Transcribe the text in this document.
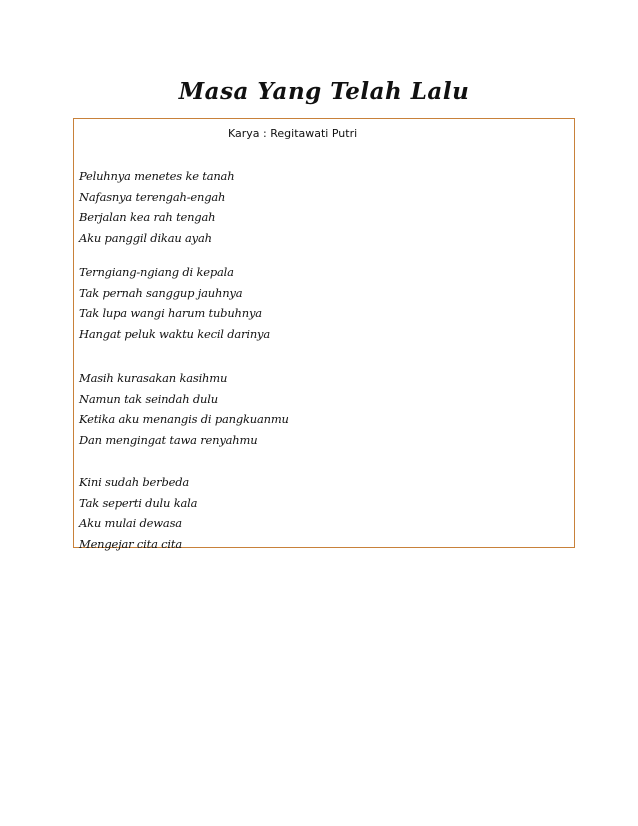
Masa Yang Telah Lalu

Karya : Regitawati Putri

Peluhnya menetes ke tanah
Nafasnya terengah-engah
Berjalan kea rah tengah
Aku panggil dikau ayah
Terngiang-ngiang di kepala
Tak pernah sanggup jauhnya
Tak lupa wangi harum tubuhnya
Hangat peluk waktu kecil darinya
Masih kurasakan kasihmu
Namun tak seindah dulu
Ketika aku menangis di pangkuanmu
Dan mengingat tawa renyahmu
Kini sudah berbeda
Tak seperti dulu kala
Aku mulai dewasa
Mengejar cita cita
